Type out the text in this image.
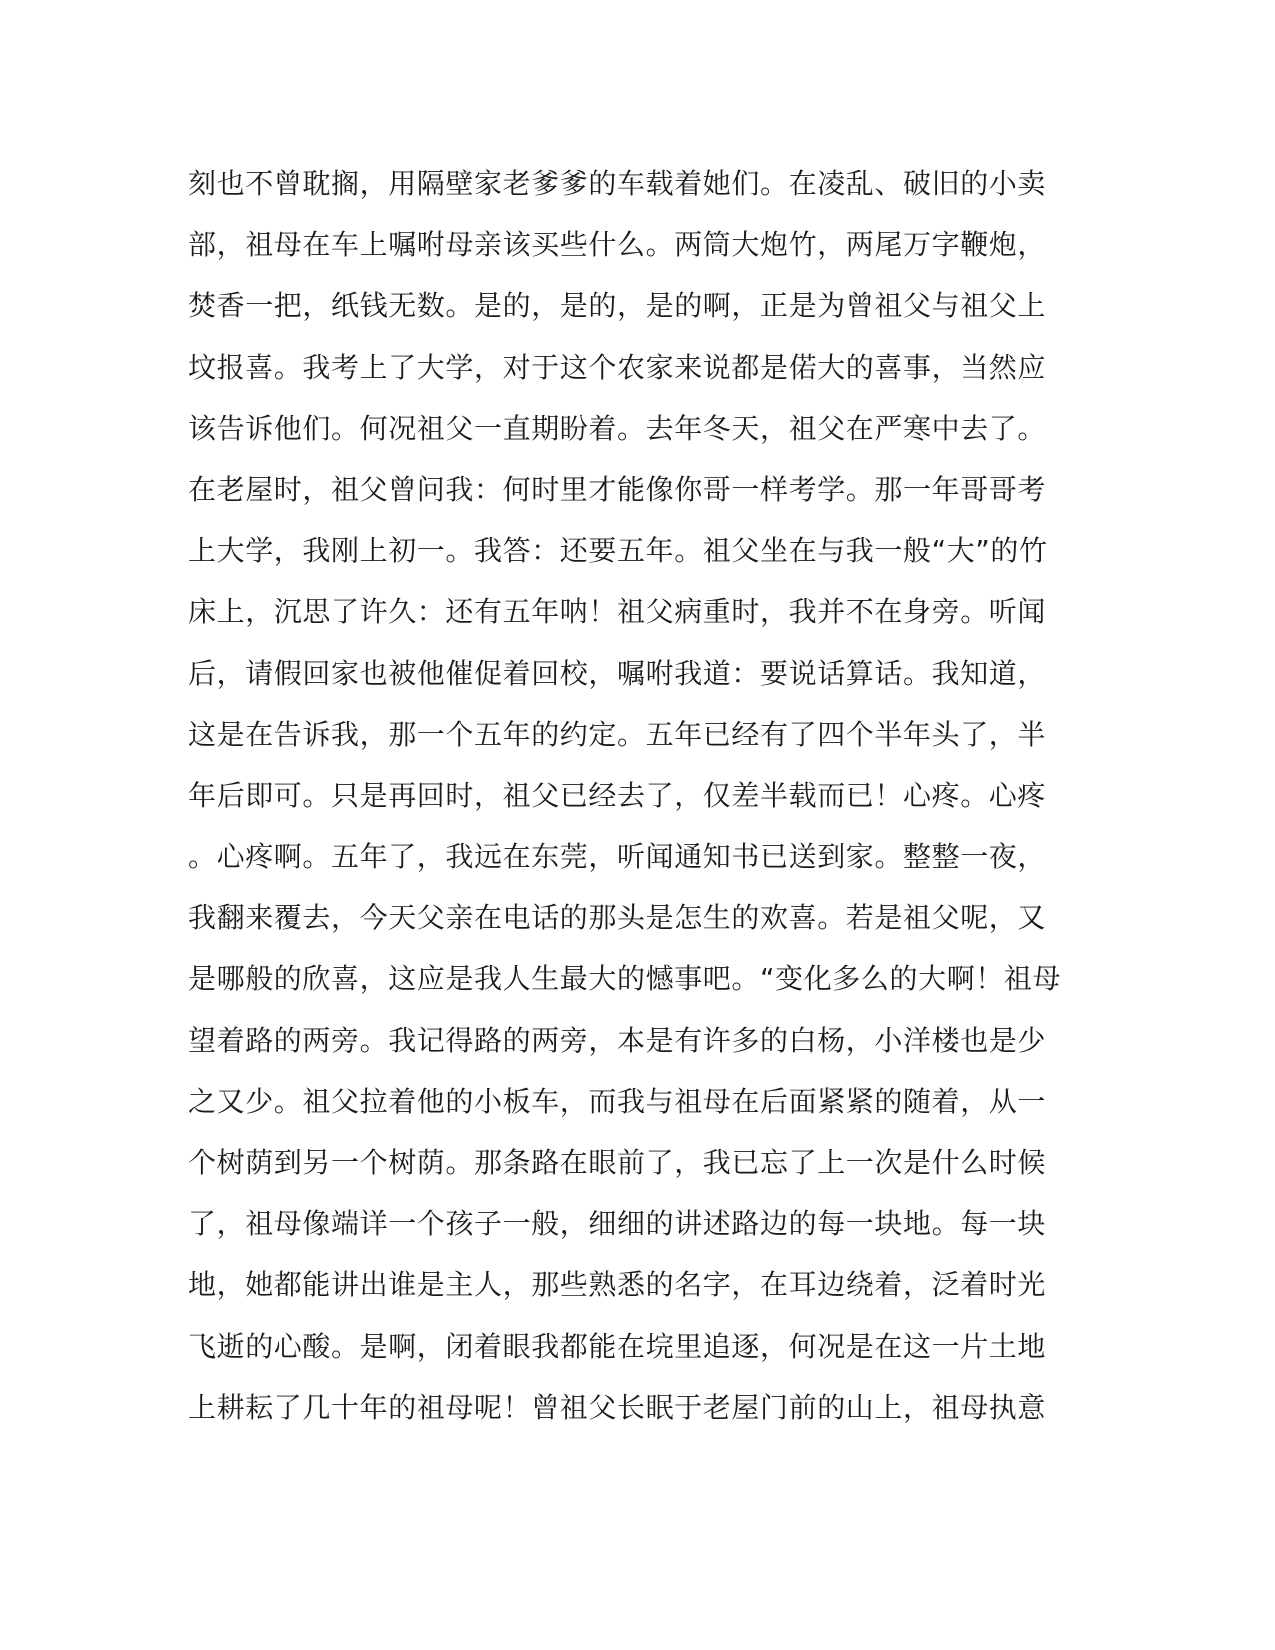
刻也不曾耽搁，用隔壁家老爹爹的车载着她们。在凌乱、破旧的小卖
部，祖母在车上嘱咐母亲该买些什么。两筒大炮竹，两尾万字鞭炮，
焚香一把，纸钱无数。是的，是的，是的啊，正是为曾祖父与祖父上
坟报喜。我考上了大学，对于这个农家来说都是偌大的喜事，当然应
该告诉他们。何况祖父一直期盼着。去年冬天，祖父在严寒中去了。
在老屋时，祖父曾问我：何时里才能像你哥一样考学。那一年哥哥考
上大学，我刚上初一。我答：还要五年。祖父坐在与我一般“大”的竹
床上，沉思了许久：还有五年呐！祖父病重时，我并不在身旁。听闻
后，请假回家也被他催促着回校，嘱咐我道：要说话算话。我知道，
这是在告诉我，那一个五年的约定。五年已经有了四个半年头了，半
年后即可。只是再回时，祖父已经去了，仅差半载而已！心疼。心疼
。心疼啊。五年了，我远在东莞，听闻通知书已送到家。整整一夜，
我翻来覆去，今天父亲在电话的那头是怎生的欢喜。若是祖父呢，又
是哪般的欣喜，这应是我人生最大的憾事吧。“变化多么的大啊！祖母
望着路的两旁。我记得路的两旁，本是有许多的白杨，小洋楼也是少
之又少。祖父拉着他的小板车，而我与祖母在后面紧紧的随着，从一
个树荫到另一个树荫。那条路在眼前了，我已忘了上一次是什么时候
了，祖母像端详一个孩子一般，细细的讲述路边的每一块地。每一块
地，她都能讲出谁是主人，那些熟悉的名字，在耳边绕着，泛着时光
飞逝的心酸。是啊，闭着眼我都能在垸里追逐，何况是在这一片土地
上耕耘了几十年的祖母呢！曾祖父长眠于老屋门前的山上，祖母执意
